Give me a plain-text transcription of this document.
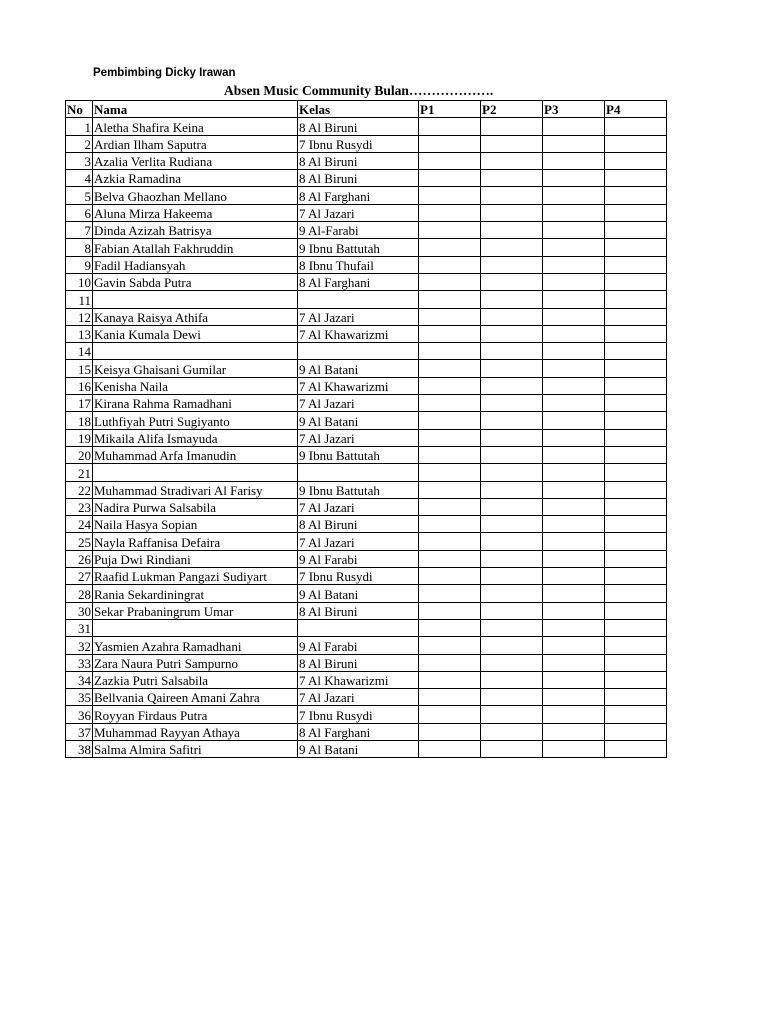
Pembimbing Dicky Irawan
Absen Music Community Bulan……………….
No	Nama	Kelas	P1	P2	P3	P4
1	Aletha Shafira Keina	8 Al Biruni				
2	Ardian Ilham Saputra	7 Ibnu Rusydi				
3	Azalia Verlita Rudiana	8 Al Biruni				
4	Azkia Ramadina	8 Al Biruni				
5	Belva Ghaozhan Mellano	8 Al Farghani				
6	Aluna Mirza Hakeema	7 Al Jazari				
7	Dinda Azizah Batrisya	9 Al-Farabi				
8	Fabian Atallah Fakhruddin	9 Ibnu Battutah				
9	Fadil Hadiansyah	8 Ibnu Thufail				
10	Gavin Sabda Putra	8 Al Farghani				
11						
12	Kanaya Raisya Athifa	7 Al Jazari				
13	Kania Kumala Dewi	7 Al Khawarizmi				
14						
15	Keisya Ghaisani Gumilar	9 Al Batani				
16	Kenisha Naila	7 Al Khawarizmi				
17	Kirana Rahma Ramadhani	7 Al Jazari				
18	Luthfiyah Putri Sugiyanto	9 Al Batani				
19	Mikaila Alifa Ismayuda	7 Al Jazari				
20	Muhammad Arfa Imanudin	9 Ibnu Battutah				
21						
22	Muhammad Stradivari Al Farisy	9 Ibnu Battutah				
23	Nadira Purwa Salsabila	7 Al Jazari				
24	Naila Hasya Sopian	8 Al Biruni				
25	Nayla Raffanisa Defaira	7 Al Jazari				
26	Puja Dwi Rindiani	9 Al Farabi				
27	Raafid Lukman Pangazi Sudiyart	7 Ibnu Rusydi				
28	Rania Sekardiningrat	9 Al Batani				
30	Sekar Prabaningrum Umar	8 Al Biruni				
31						
32	Yasmien Azahra Ramadhani	9 Al Farabi				
33	Zara Naura Putri Sampurno	8 Al Biruni				
34	Zazkia Putri Salsabila	7 Al Khawarizmi				
35	Bellvania Qaireen Amani Zahra	7 Al Jazari				
36	Royyan Firdaus Putra	7 Ibnu Rusydi				
37	Muhammad Rayyan Athaya	8 Al Farghani				
38	Salma Almira Safitri	9 Al Batani				
